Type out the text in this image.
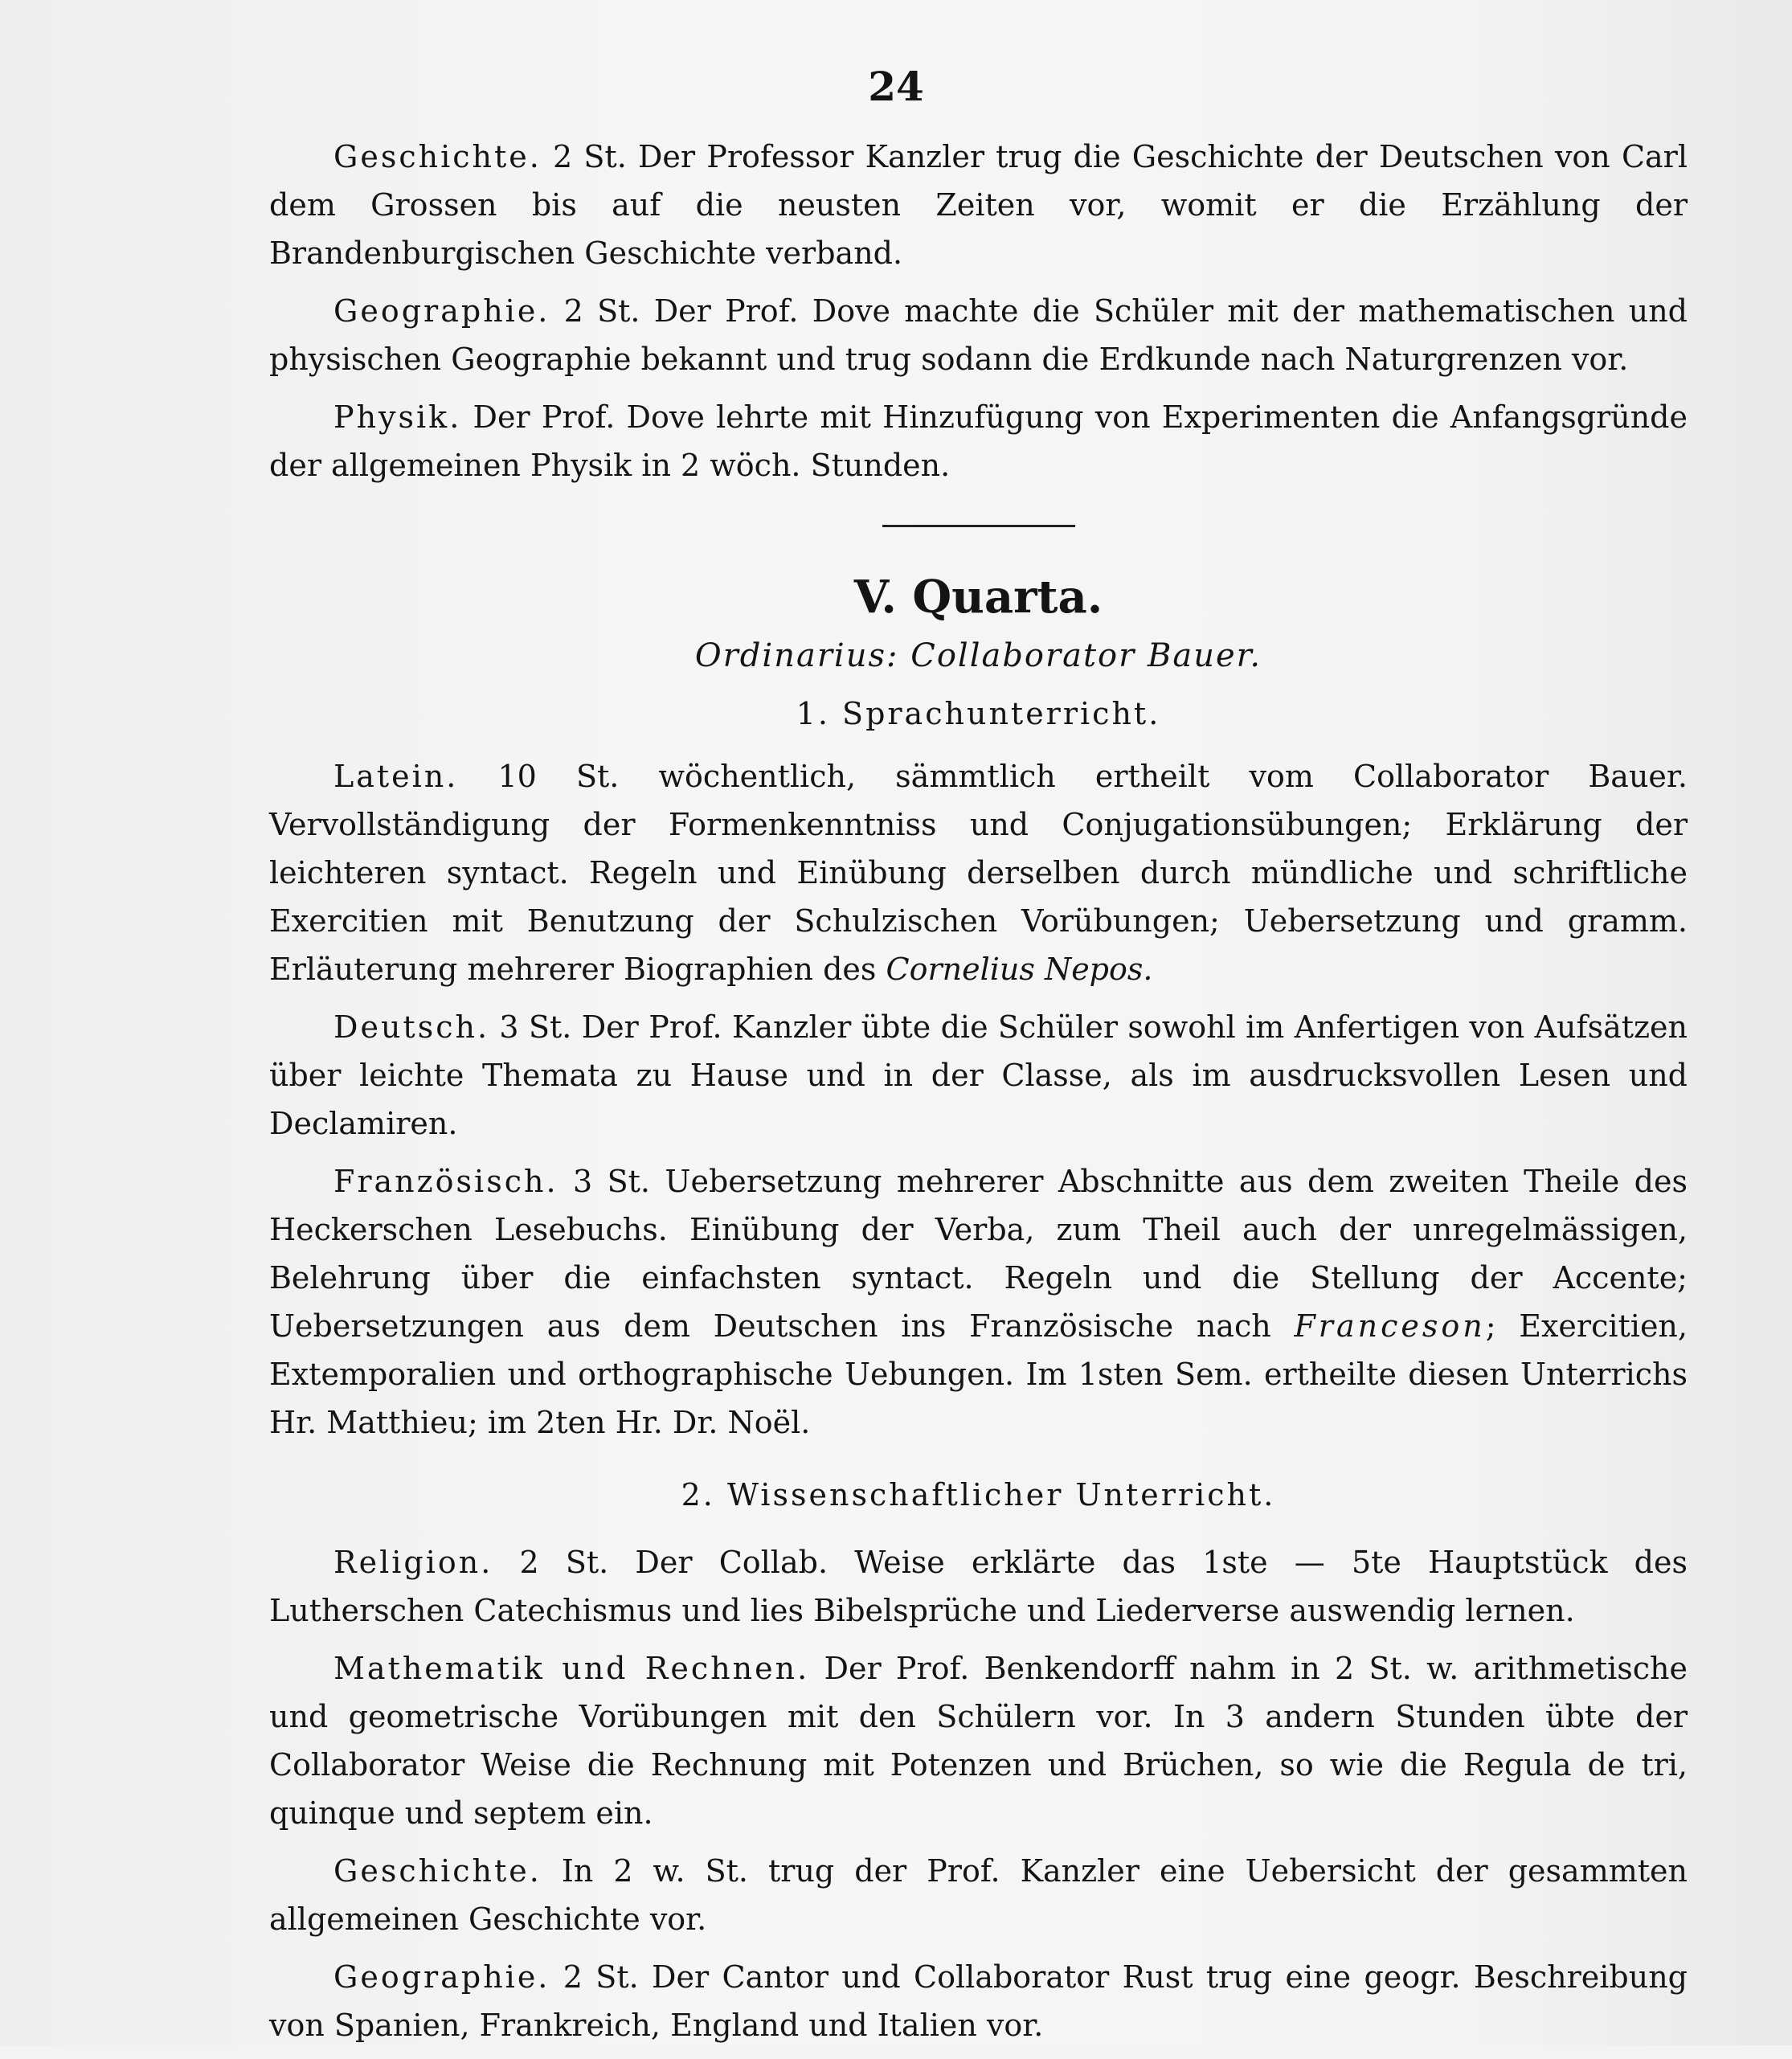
24

Geschichte. 2 St. Der Professor Kanzler trug die Geschichte der Deutschen von Carl dem Grossen bis auf die neusten Zeiten vor, womit er die Erzählung der Brandenburgischen Geschichte verband.

Geographie. 2 St. Der Prof. Dove machte die Schüler mit der mathematischen und physischen Geographie bekannt und trug sodann die Erdkunde nach Naturgrenzen vor.

Physik. Der Prof. Dove lehrte mit Hinzufügung von Experimenten die Anfangsgründe der allgemeinen Physik in 2 wöch. Stunden.

V. Quarta.
Ordinarius: Collaborator Bauer.
1. Sprachunterricht.

Latein. 10 St. wöchentlich, sämmtlich ertheilt vom Collaborator Bauer. Vervollständigung der Formenkenntniss und Conjugationsübungen; Erklärung der leichteren syntact. Regeln und Einübung derselben durch mündliche und schriftliche Exercitien mit Benutzung der Schulzischen Vorübungen; Uebersetzung und gramm. Erläuterung mehrerer Biographien des Cornelius Nepos.

Deutsch. 3 St. Der Prof. Kanzler übte die Schüler sowohl im Anfertigen von Aufsätzen über leichte Themata zu Hause und in der Classe, als im ausdrucksvollen Lesen und Declamiren.

Französisch. 3 St. Uebersetzung mehrerer Abschnitte aus dem zweiten Theile des Heckerschen Lesebuchs. Einübung der Verba, zum Theil auch der unregelmässigen, Belehrung über die einfachsten syntact. Regeln und die Stellung der Accente; Uebersetzungen aus dem Deutschen ins Französische nach Franceson; Exercitien, Extemporalien und orthographische Uebungen. Im 1sten Sem. ertheilte diesen Unterrichs Hr. Matthieu; im 2ten Hr. Dr. Noël.

2. Wissenschaftlicher Unterricht.

Religion. 2 St. Der Collab. Weise erklärte das 1ste — 5te Hauptstück des Lutherschen Catechismus und lies Bibelsprüche und Liederverse auswendig lernen.

Mathematik und Rechnen. Der Prof. Benkendorff nahm in 2 St. w. arithmetische und geometrische Vorübungen mit den Schülern vor. In 3 andern Stunden übte der Collaborator Weise die Rechnung mit Potenzen und Brüchen, so wie die Regula de tri, quinque und septem ein.

Geschichte. In 2 w. St. trug der Prof. Kanzler eine Uebersicht der gesammten allgemeinen Geschichte vor.

Geographie. 2 St. Der Cantor und Collaborator Rust trug eine geogr. Beschreibung von Spanien, Frankreich, England und Italien vor.
